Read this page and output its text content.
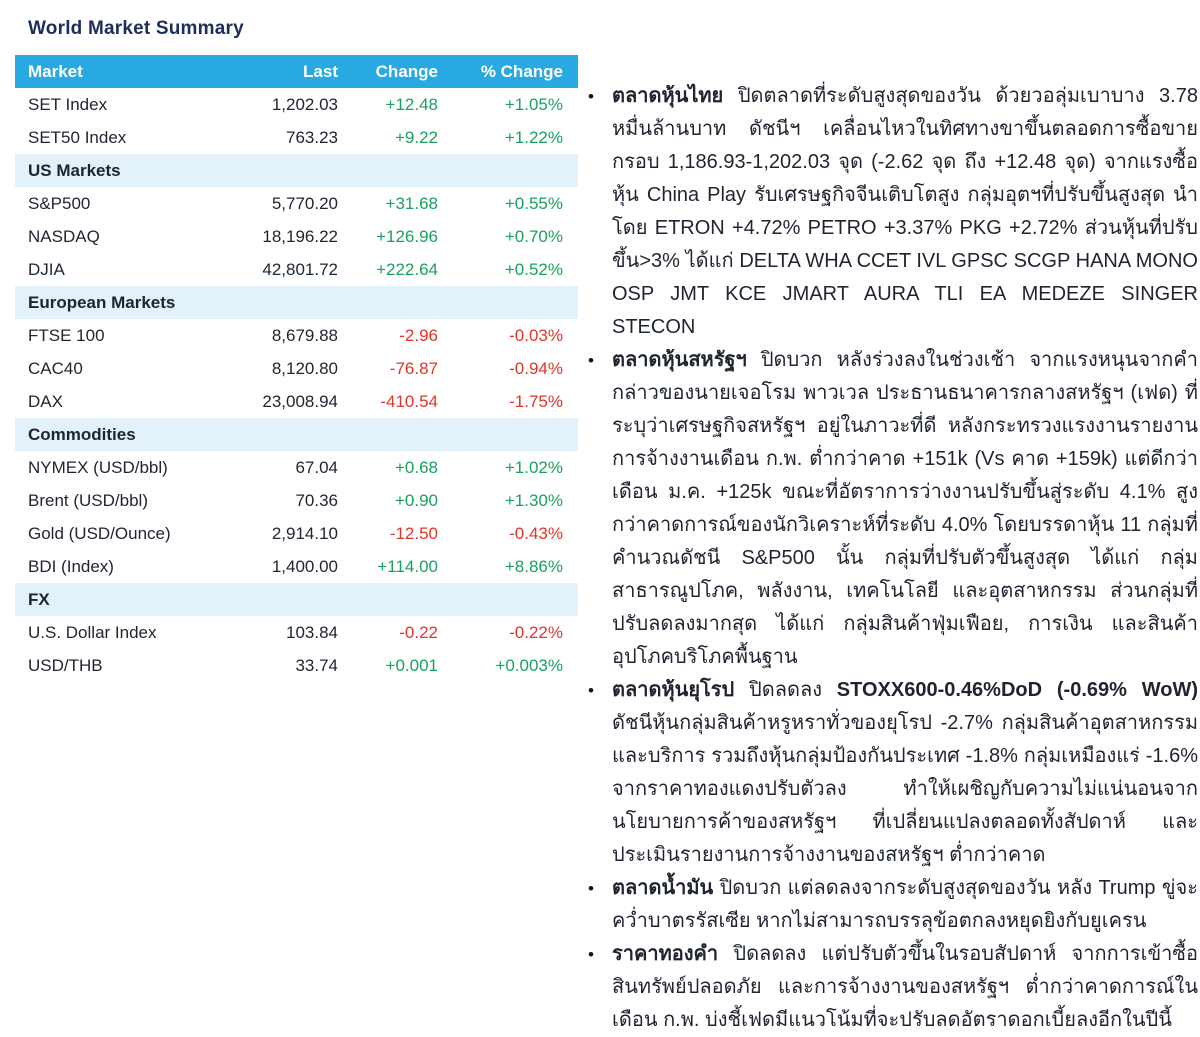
World Market Summary
Market	Last	Change	% Change
SET Index	1,202.03	+12.48	+1.05%
SET50 Index	763.23	+9.22	+1.22%
US Markets
S&P500	5,770.20	+31.68	+0.55%
NASDAQ	18,196.22	+126.96	+0.70%
DJIA	42,801.72	+222.64	+0.52%
European Markets
FTSE 100	8,679.88	-2.96	-0.03%
CAC40	8,120.80	-76.87	-0.94%
DAX	23,008.94	-410.54	-1.75%
Commodities
NYMEX (USD/bbl)	67.04	+0.68	+1.02%
Brent (USD/bbl)	70.36	+0.90	+1.30%
Gold (USD/Ounce)	2,914.10	-12.50	-0.43%
BDI (Index)	1,400.00	+114.00	+8.86%
FX
U.S. Dollar Index	103.84	-0.22	-0.22%
USD/THB	33.74	+0.001	+0.003%
• ตลาดหุ้นไทย ปิดตลาดที่ระดับสูงสุดของวัน ด้วยวอลุ่มเบาบาง 3.78 หมื่นล้านบาท ดัชนีฯ เคลื่อนไหวในทิศทางขาขึ้นตลอดการซื้อขายกรอบ 1,186.93-1,202.03 จุด (-2.62 จุด ถึง +12.48 จุด) จากแรงซื้อหุ้น China Play รับเศรษฐกิจจีนเติบโตสูง กลุ่มอุตฯที่ปรับขึ้นสูงสุด นำโดย ETRON +4.72% PETRO +3.37% PKG +2.72% ส่วนหุ้นที่ปรับขึ้น>3% ได้แก่ DELTA WHA CCET IVL GPSC SCGP HANA MONO OSP JMT KCE JMART AURA TLI EA MEDEZE SINGER STECON
• ตลาดหุ้นสหรัฐฯ ปิดบวก หลังร่วงลงในช่วงเช้า จากแรงหนุนจากคำกล่าวของนายเจอโรม พาวเวล ประธานธนาคารกลางสหรัฐฯ (เฟด) ที่ระบุว่าเศรษฐกิจสหรัฐฯ อยู่ในภาวะที่ดี หลังกระทรวงแรงงานรายงานการจ้างงานเดือน ก.พ. ต่ำกว่าคาด +151k (Vs คาด +159k) แต่ดีกว่าเดือน ม.ค. +125k ขณะที่อัตราการว่างงานปรับขึ้นสู่ระดับ 4.1% สูงกว่าคาดการณ์ของนักวิเคราะห์ที่ระดับ 4.0% โดยบรรดาหุ้น 11 กลุ่มที่คำนวณดัชนี S&P500 นั้น กลุ่มที่ปรับตัวขึ้นสูงสุด ได้แก่ กลุ่มสาธารณูปโภค, พลังงาน, เทคโนโลยี และอุตสาหกรรม ส่วนกลุ่มที่ปรับลดลงมากสุด ได้แก่ กลุ่มสินค้าฟุ่มเฟือย, การเงิน และสินค้าอุปโภคบริโภคพื้นฐาน
• ตลาดหุ้นยุโรป ปิดลดลง STOXX600-0.46%DoD (-0.69% WoW) ดัชนีหุ้นกลุ่มสินค้าหรูหราทั่วของยุโรป -2.7% กลุ่มสินค้าอุตสาหกรรมและบริการ รวมถึงหุ้นกลุ่มป้องกันประเทศ -1.8% กลุ่มเหมืองแร่ -1.6% จากราคาทองแดงปรับตัวลง ทำให้เผชิญกับความไม่แน่นอนจากนโยบายการค้าของสหรัฐฯ ที่เปลี่ยนแปลงตลอดทั้งสัปดาห์ และประเมินรายงานการจ้างงานของสหรัฐฯ ต่ำกว่าคาด
• ตลาดน้ำมัน ปิดบวก แต่ลดลงจากระดับสูงสุดของวัน หลัง Trump ขู่จะคว่ำบาตรรัสเซีย หากไม่สามารถบรรลุข้อตกลงหยุดยิงกับยูเครน
• ราคาทองคำ ปิดลดลง แต่ปรับตัวขึ้นในรอบสัปดาห์ จากการเข้าซื้อสินทรัพย์ปลอดภัย และการจ้างงานของสหรัฐฯ ต่ำกว่าคาดการณ์ในเดือน ก.พ. บ่งชี้เฟดมีแนวโน้มที่จะปรับลดอัตราดอกเบี้ยลงอีกในปีนี้
